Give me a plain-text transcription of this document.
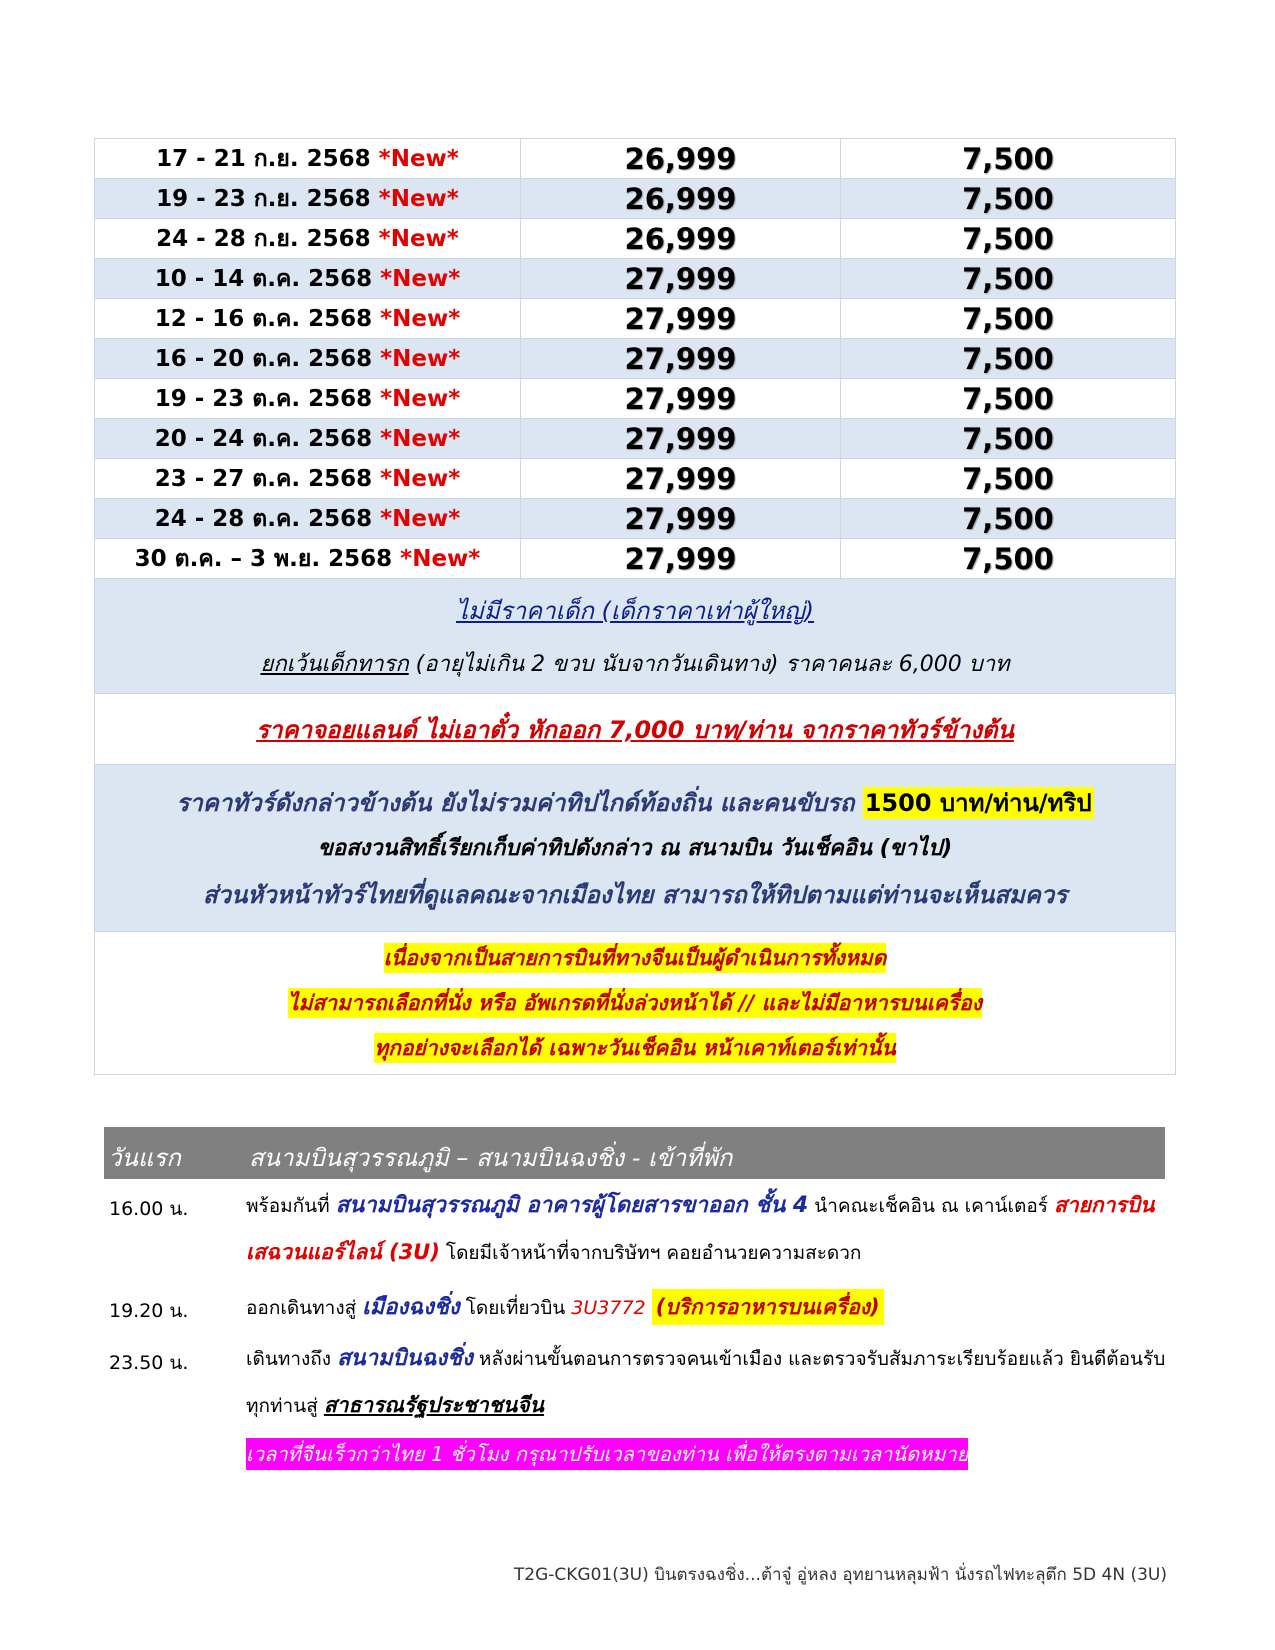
17 - 21 ก.ย. 2568 *New*	26,999	7,500
19 - 23 ก.ย. 2568 *New*	26,999	7,500
24 - 28 ก.ย. 2568 *New*	26,999	7,500
10 - 14 ต.ค. 2568 *New*	27,999	7,500
12 - 16 ต.ค. 2568 *New*	27,999	7,500
16 - 20 ต.ค. 2568 *New*	27,999	7,500
19 - 23 ต.ค. 2568 *New*	27,999	7,500
20 - 24 ต.ค. 2568 *New*	27,999	7,500
23 - 27 ต.ค. 2568 *New*	27,999	7,500
24 - 28 ต.ค. 2568 *New*	27,999	7,500
30 ต.ค. – 3 พ.ย. 2568 *New*	27,999	7,500

ไม่มีราคาเด็ก (เด็กราคาเท่าผู้ใหญ่)
ยกเว้นเด็กทารก (อายุไม่เกิน 2 ขวบ นับจากวันเดินทาง) ราคาคนละ 6,000 บาท		

ราคาจอยแลนด์ ไม่เอาตั๋ว หักออก 7,000 บาท/ท่าน จากราคาทัวร์ข้างต้น		

ราคาทัวร์ดังกล่าวข้างต้น ยังไม่รวมค่าทิปไกด์ท้องถิ่น และคนขับรถ 1500 บาท/ท่าน/ทริป
ขอสงวนสิทธิ์เรียกเก็บค่าทิปดังกล่าว ณ สนามบิน วันเช็คอิน (ขาไป)
ส่วนหัวหน้าทัวร์ไทยที่ดูแลคณะจากเมืองไทย สามารถให้ทิปตามแต่ท่านจะเห็นสมควร		

เนื่องจากเป็นสายการบินที่ทางจีนเป็นผู้ดำเนินการทั้งหมด
ไม่สามารถเลือกที่นั่ง หรือ อัพเกรดที่นั่งล่วงหน้าได้ // และไม่มีอาหารบนเครื่อง
ทุกอย่างจะเลือกได้ เฉพาะวันเช็คอิน หน้าเคาท์เตอร์เท่านั้น		
วันแรก	สนามบินสุวรรณภูมิ – สนามบินฉงชิ่ง - เข้าที่พัก
16.00 น.	พร้อมกันที่ สนามบินสุวรรณภูมิ อาคารผู้โดยสารขาออก ชั้น 4 นำคณะเช็คอิน ณ เคาน์เตอร์ สายการบินเสฉวนแอร์ไลน์ (3U) โดยมีเจ้าหน้าที่จากบริษัทฯ คอยอำนวยความสะดวก
19.20 น.	ออกเดินทางสู่ เมืองฉงชิ่ง โดยเที่ยวบิน 3U3772 (บริการอาหารบนเครื่อง)
23.50 น.	เดินทางถึง สนามบินฉงชิ่ง หลังผ่านขั้นตอนการตรวจคนเข้าเมือง และตรวจรับสัมภาระเรียบร้อยแล้ว ยินดีต้อนรับทุกท่านสู่ สาธารณรัฐประชาชนจีน
เวลาที่จีนเร็วกว่าไทย 1 ชั่วโมง กรุณาปรับเวลาของท่าน เพื่อให้ตรงตามเวลานัดหมาย
T2G-CKG01(3U) บินตรงฉงชิ่ง...ต้าจู๋ อู่หลง อุทยานหลุมฟ้า นั่งรถไฟทะลุตึก 5D 4N (3U)
